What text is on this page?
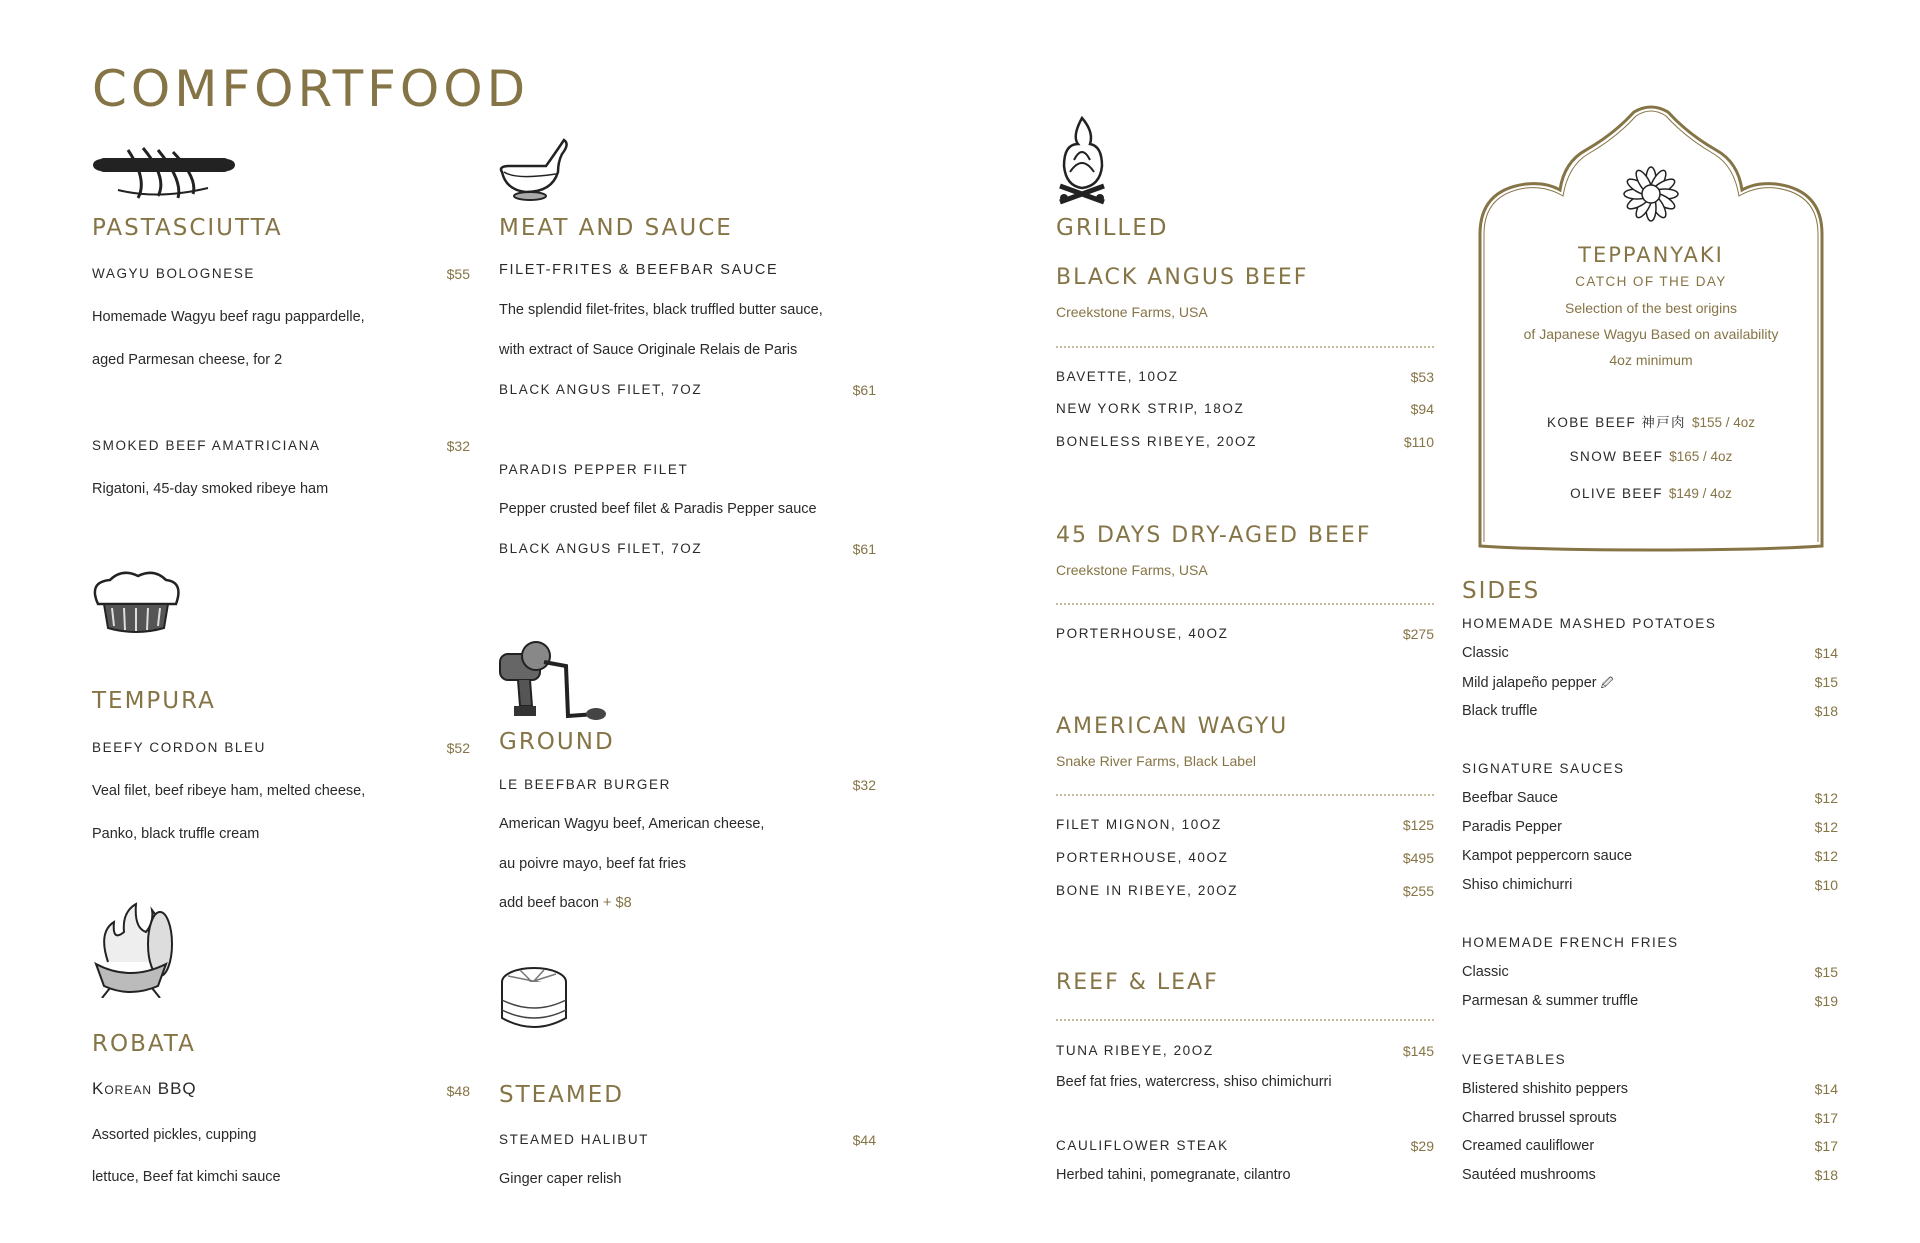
COMFORTFOOD
PASTASCIUTTA
WAGYU BOLOGNESE	$55
Homemade Wagyu beef ragu pappardelle,
aged Parmesan cheese, for 2
SMOKED BEEF AMATRICIANA	$32
Rigatoni, 45-day smoked ribeye ham
TEMPURA
BEEFY CORDON BLEU	$52
Veal filet, beef ribeye ham, melted cheese,
Panko, black truffle cream
ROBATA
Korean BBQ	$48
Assorted pickles, cupping
lettuce, Beef fat kimchi sauce
MEAT AND SAUCE
FILET-FRITES & BEEFBAR SAUCE
The splendid filet-frites, black truffled butter sauce,
with extract of Sauce Originale Relais de Paris
BLACK ANGUS FILET, 7OZ	$61
PARADIS PEPPER FILET
Pepper crusted beef filet & Paradis Pepper sauce
BLACK ANGUS FILET, 7OZ	$61
GROUND
LE BEEFBAR BURGER	$32
American Wagyu beef, American cheese,
au poivre mayo, beef fat fries
add beef bacon + $8
STEAMED
STEAMED HALIBUT	$44
Ginger caper relish
GRILLED
BLACK ANGUS BEEF
Creekstone Farms, USA
BAVETTE, 10OZ	$53
NEW YORK STRIP, 18OZ	$94
BONELESS RIBEYE, 20OZ	$110
45 DAYS DRY-AGED BEEF
Creekstone Farms, USA
PORTERHOUSE, 40OZ	$275
AMERICAN WAGYU
Snake River Farms, Black Label
FILET MIGNON, 10OZ	$125
PORTERHOUSE, 40OZ	$495
BONE IN RIBEYE, 20OZ	$255
REEF & LEAF
TUNA RIBEYE, 20OZ	$145
Beef fat fries, watercress, shiso chimichurri
CAULIFLOWER STEAK	$29
Herbed tahini, pomegranate, cilantro
TEPPANYAKI
CATCH OF THE DAY
Selection of the best origins
of Japanese Wagyu Based on availability
4oz minimum
KOBE BEEF 神戸肉 $155 / 4oz
SNOW BEEF $165 / 4oz
OLIVE BEEF $149 / 4oz
SIDES
HOMEMADE MASHED POTATOES
Classic	$14
Mild jalapeño pepper 🖉	$15
Black truffle	$18
SIGNATURE SAUCES
Beefbar Sauce	$12
Paradis Pepper	$12
Kampot peppercorn sauce	$12
Shiso chimichurri	$10
HOMEMADE FRENCH FRIES
Classic	$15
Parmesan & summer truffle	$19
VEGETABLES
Blistered shishito peppers	$14
Charred brussel sprouts	$17
Creamed cauliflower	$17
Sautéed mushrooms	$18
